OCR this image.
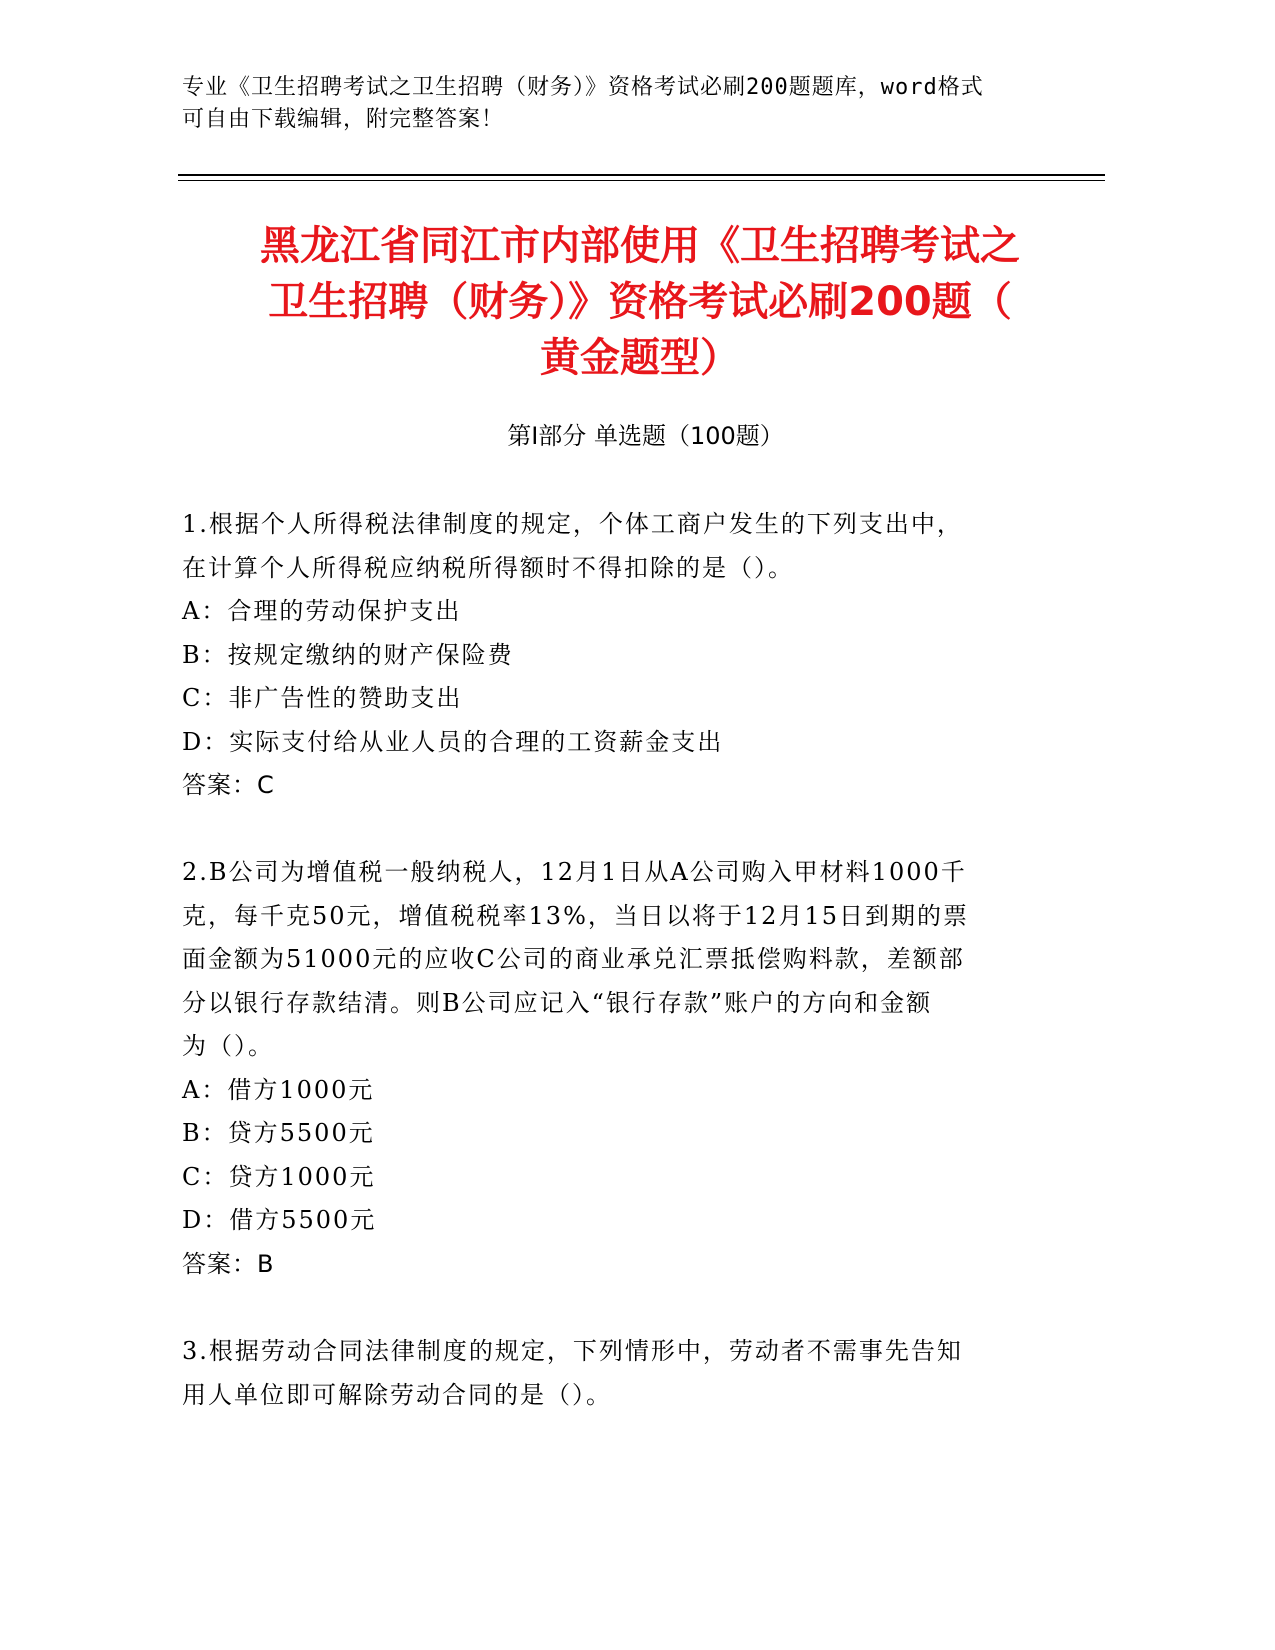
专业《卫生招聘考试之卫生招聘（财务）》资格考试必刷200题题库，word格式
可自由下载编辑，附完整答案！
黑龙江省同江市内部使用《卫生招聘考试之
卫生招聘（财务）》资格考试必刷200题（
黄金题型）
第Ⅰ部分 单选题（100题）

1.根据个人所得税法律制度的规定，个体工商户发生的下列支出中，

在计算个人所得税应纳税所得额时不得扣除的是（）。

A：合理的劳动保护支出

B：按规定缴纳的财产保险费

C：非广告性的赞助支出

D：实际支付给从业人员的合理的工资薪金支出

答案：C

2.B公司为增值税一般纳税人，12月1日从A公司购入甲材料1000千

克，每千克50元，增值税税率13%，当日以将于12月15日到期的票

面金额为51000元的应收C公司的商业承兑汇票抵偿购料款，差额部

分以银行存款结清。则B公司应记入“银行存款”账户的方向和金额

为（）。

A：借方1000元

B：贷方5500元

C：贷方1000元

D：借方5500元

答案：B

3.根据劳动合同法律制度的规定，下列情形中，劳动者不需事先告知

用人单位即可解除劳动合同的是（）。
